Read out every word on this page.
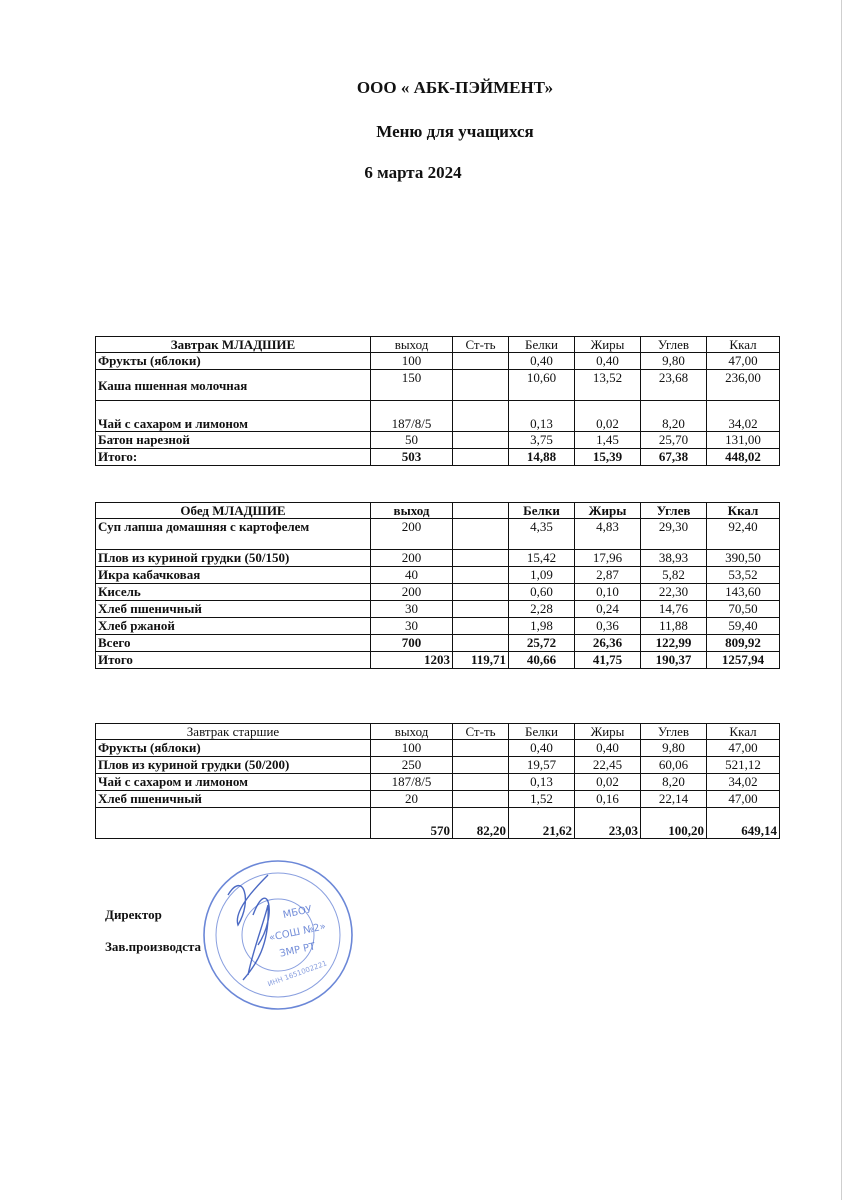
ООО « АБК-ПЭЙМЕНТ»
Меню для учащихся
6 марта 2024
Завтрак МЛАДШИЕ	выход	Ст-ть	Белки	Жиры	Углев	Ккал
Фрукты (яблоки)	100		0,40	0,40	9,80	47,00
Каша пшенная молочная	150		10,60	13,52	23,68	236,00
Чай с сахаром и лимоном	187/8/5		0,13	0,02	8,20	34,02
Батон нарезной	50		3,75	1,45	25,70	131,00
Итого:	503		14,88	15,39	67,38	448,02
Обед МЛАДШИЕ	выход		Белки	Жиры	Углев	Ккал
Суп лапша домашняя с картофелем	200		4,35	4,83	29,30	92,40
Плов из куриной грудки (50/150)	200		15,42	17,96	38,93	390,50
Икра кабачковая	40		1,09	2,87	5,82	53,52
Кисель	200		0,60	0,10	22,30	143,60
Хлеб пшеничный	30		2,28	0,24	14,76	70,50
Хлеб ржаной	30		1,98	0,36	11,88	59,40
Всего	700		25,72	26,36	122,99	809,92
Итого	1203	119,71	40,66	41,75	190,37	1257,94
Завтрак старшие	выход	Ст-ть	Белки	Жиры	Углев	Ккал
Фрукты (яблоки)	100		0,40	0,40	9,80	47,00
Плов из куриной грудки (50/200)	250		19,57	22,45	60,06	521,12
Чай с сахаром и лимоном	187/8/5		0,13	0,02	8,20	34,02
Хлеб пшеничный	20		1,52	0,16	22,14	47,00
	570	82,20	21,62	23,03	100,20	649,14
Директор
Зав.производста
МБОУ
«СОШ №2»
ЗМР РТ
ИНН 1651002221
